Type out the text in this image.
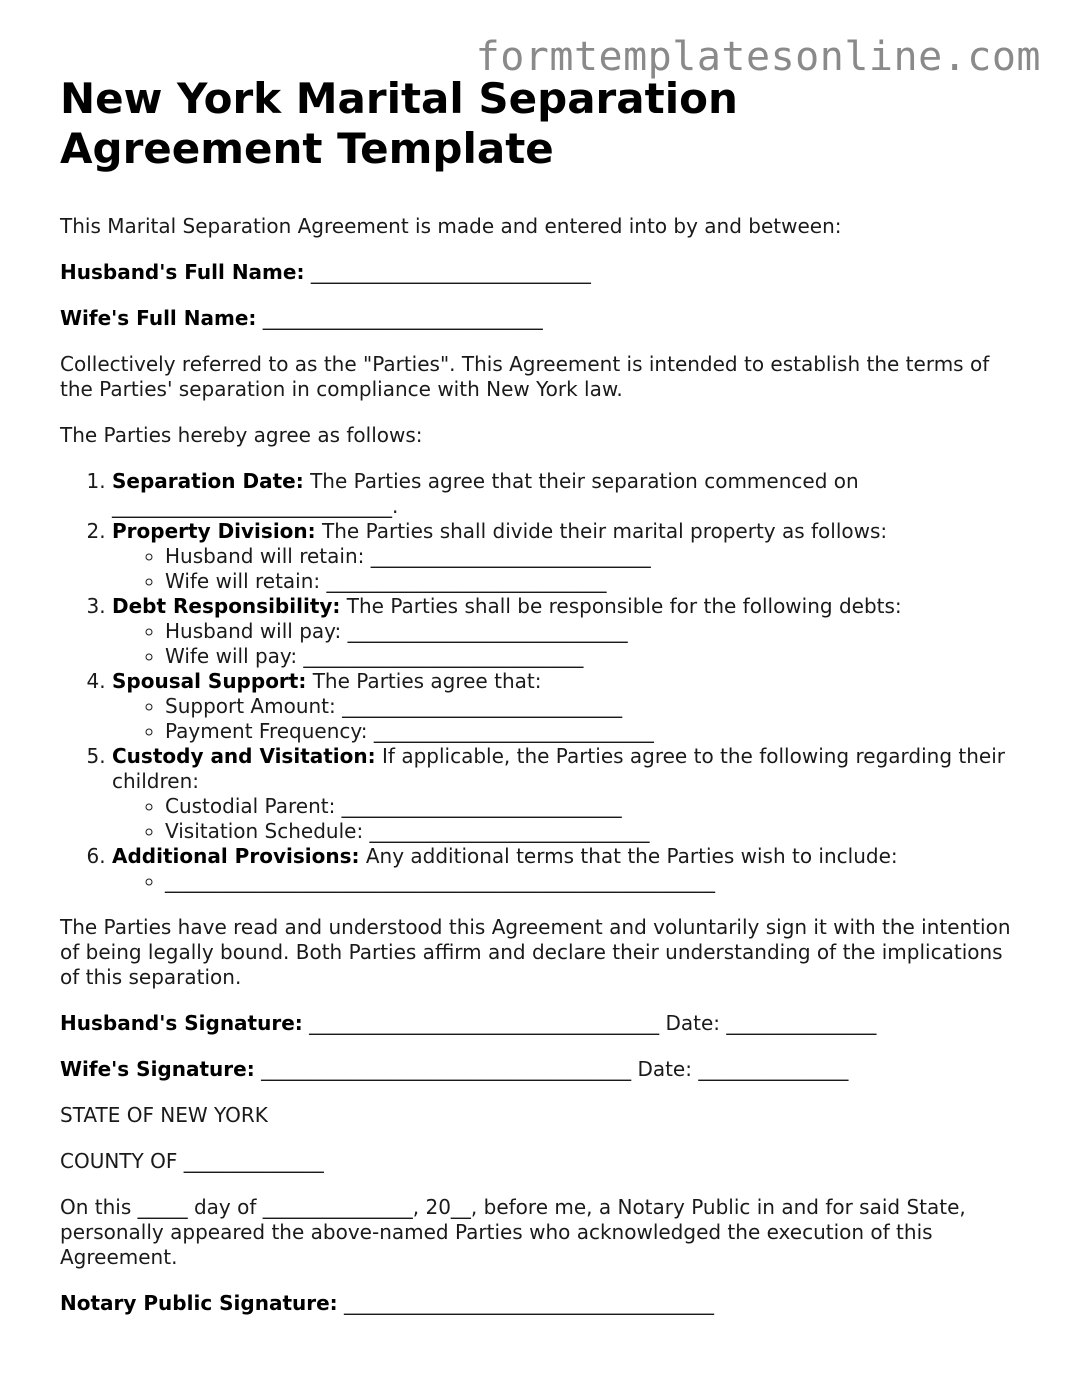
formtemplatesonline.com
New York Marital Separation
Agreement Template

This Marital Separation Agreement is made and entered into by and between:

Husband's Full Name: ____________________________

Wife's Full Name: ____________________________

Collectively referred to as the "Parties". This Agreement is intended to establish the terms of the Parties' separation in compliance with New York law.

The Parties hereby agree as follows:

1. Separation Date: The Parties agree that their separation commenced on ____________________________.
2. Property Division: The Parties shall divide their marital property as follows:
◦ Husband will retain: ____________________________
◦ Wife will retain: ____________________________
3. Debt Responsibility: The Parties shall be responsible for the following debts:
◦ Husband will pay: ____________________________
◦ Wife will pay: ____________________________
4. Spousal Support: The Parties agree that:
◦ Support Amount: ____________________________
◦ Payment Frequency: ____________________________
5. Custody and Visitation: If applicable, the Parties agree to the following regarding their children:
◦ Custodial Parent: ____________________________
◦ Visitation Schedule: ____________________________
6. Additional Provisions: Any additional terms that the Parties wish to include:
◦ _______________________________________________________

The Parties have read and understood this Agreement and voluntarily sign it with the intention of being legally bound. Both Parties affirm and declare their understanding of the implications of this separation.

Husband's Signature: ___________________________________ Date: _______________

Wife's Signature: _____________________________________ Date: _______________

STATE OF NEW YORK

COUNTY OF ______________

On this _____ day of _______________, 20__, before me, a Notary Public in and for said State, personally appeared the above-named Parties who acknowledged the execution of this Agreement.

Notary Public Signature: _____________________________________
